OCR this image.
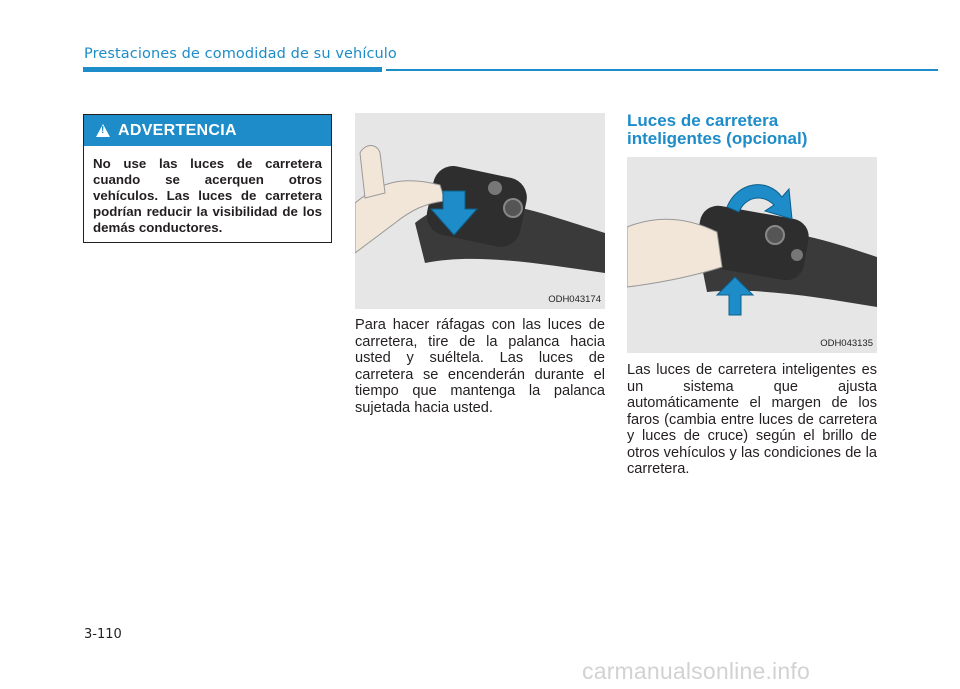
Prestaciones de comodidad de su vehículo
! ADVERTENCIA
No use las luces de carretera cuando se acerquen otros vehículos. Las luces de carretera podrían reducir la visibilidad de los demás conductores.
ODH043174
Para hacer ráfagas con las luces de carretera, tire de la palanca hacia usted y suéltela. Las luces de carretera se encenderán durante el tiempo que mantenga la palanca sujetada hacia usted.
Luces de carretera
inteligentes (opcional)
ODH043135
Las luces de carretera inteligentes es un sistema que ajusta automáticamente el margen de los faros (cambia entre luces de carretera y luces de cruce) según el brillo de otros vehículos y las condiciones de la carretera.
3-110
carmanualsonline.info
